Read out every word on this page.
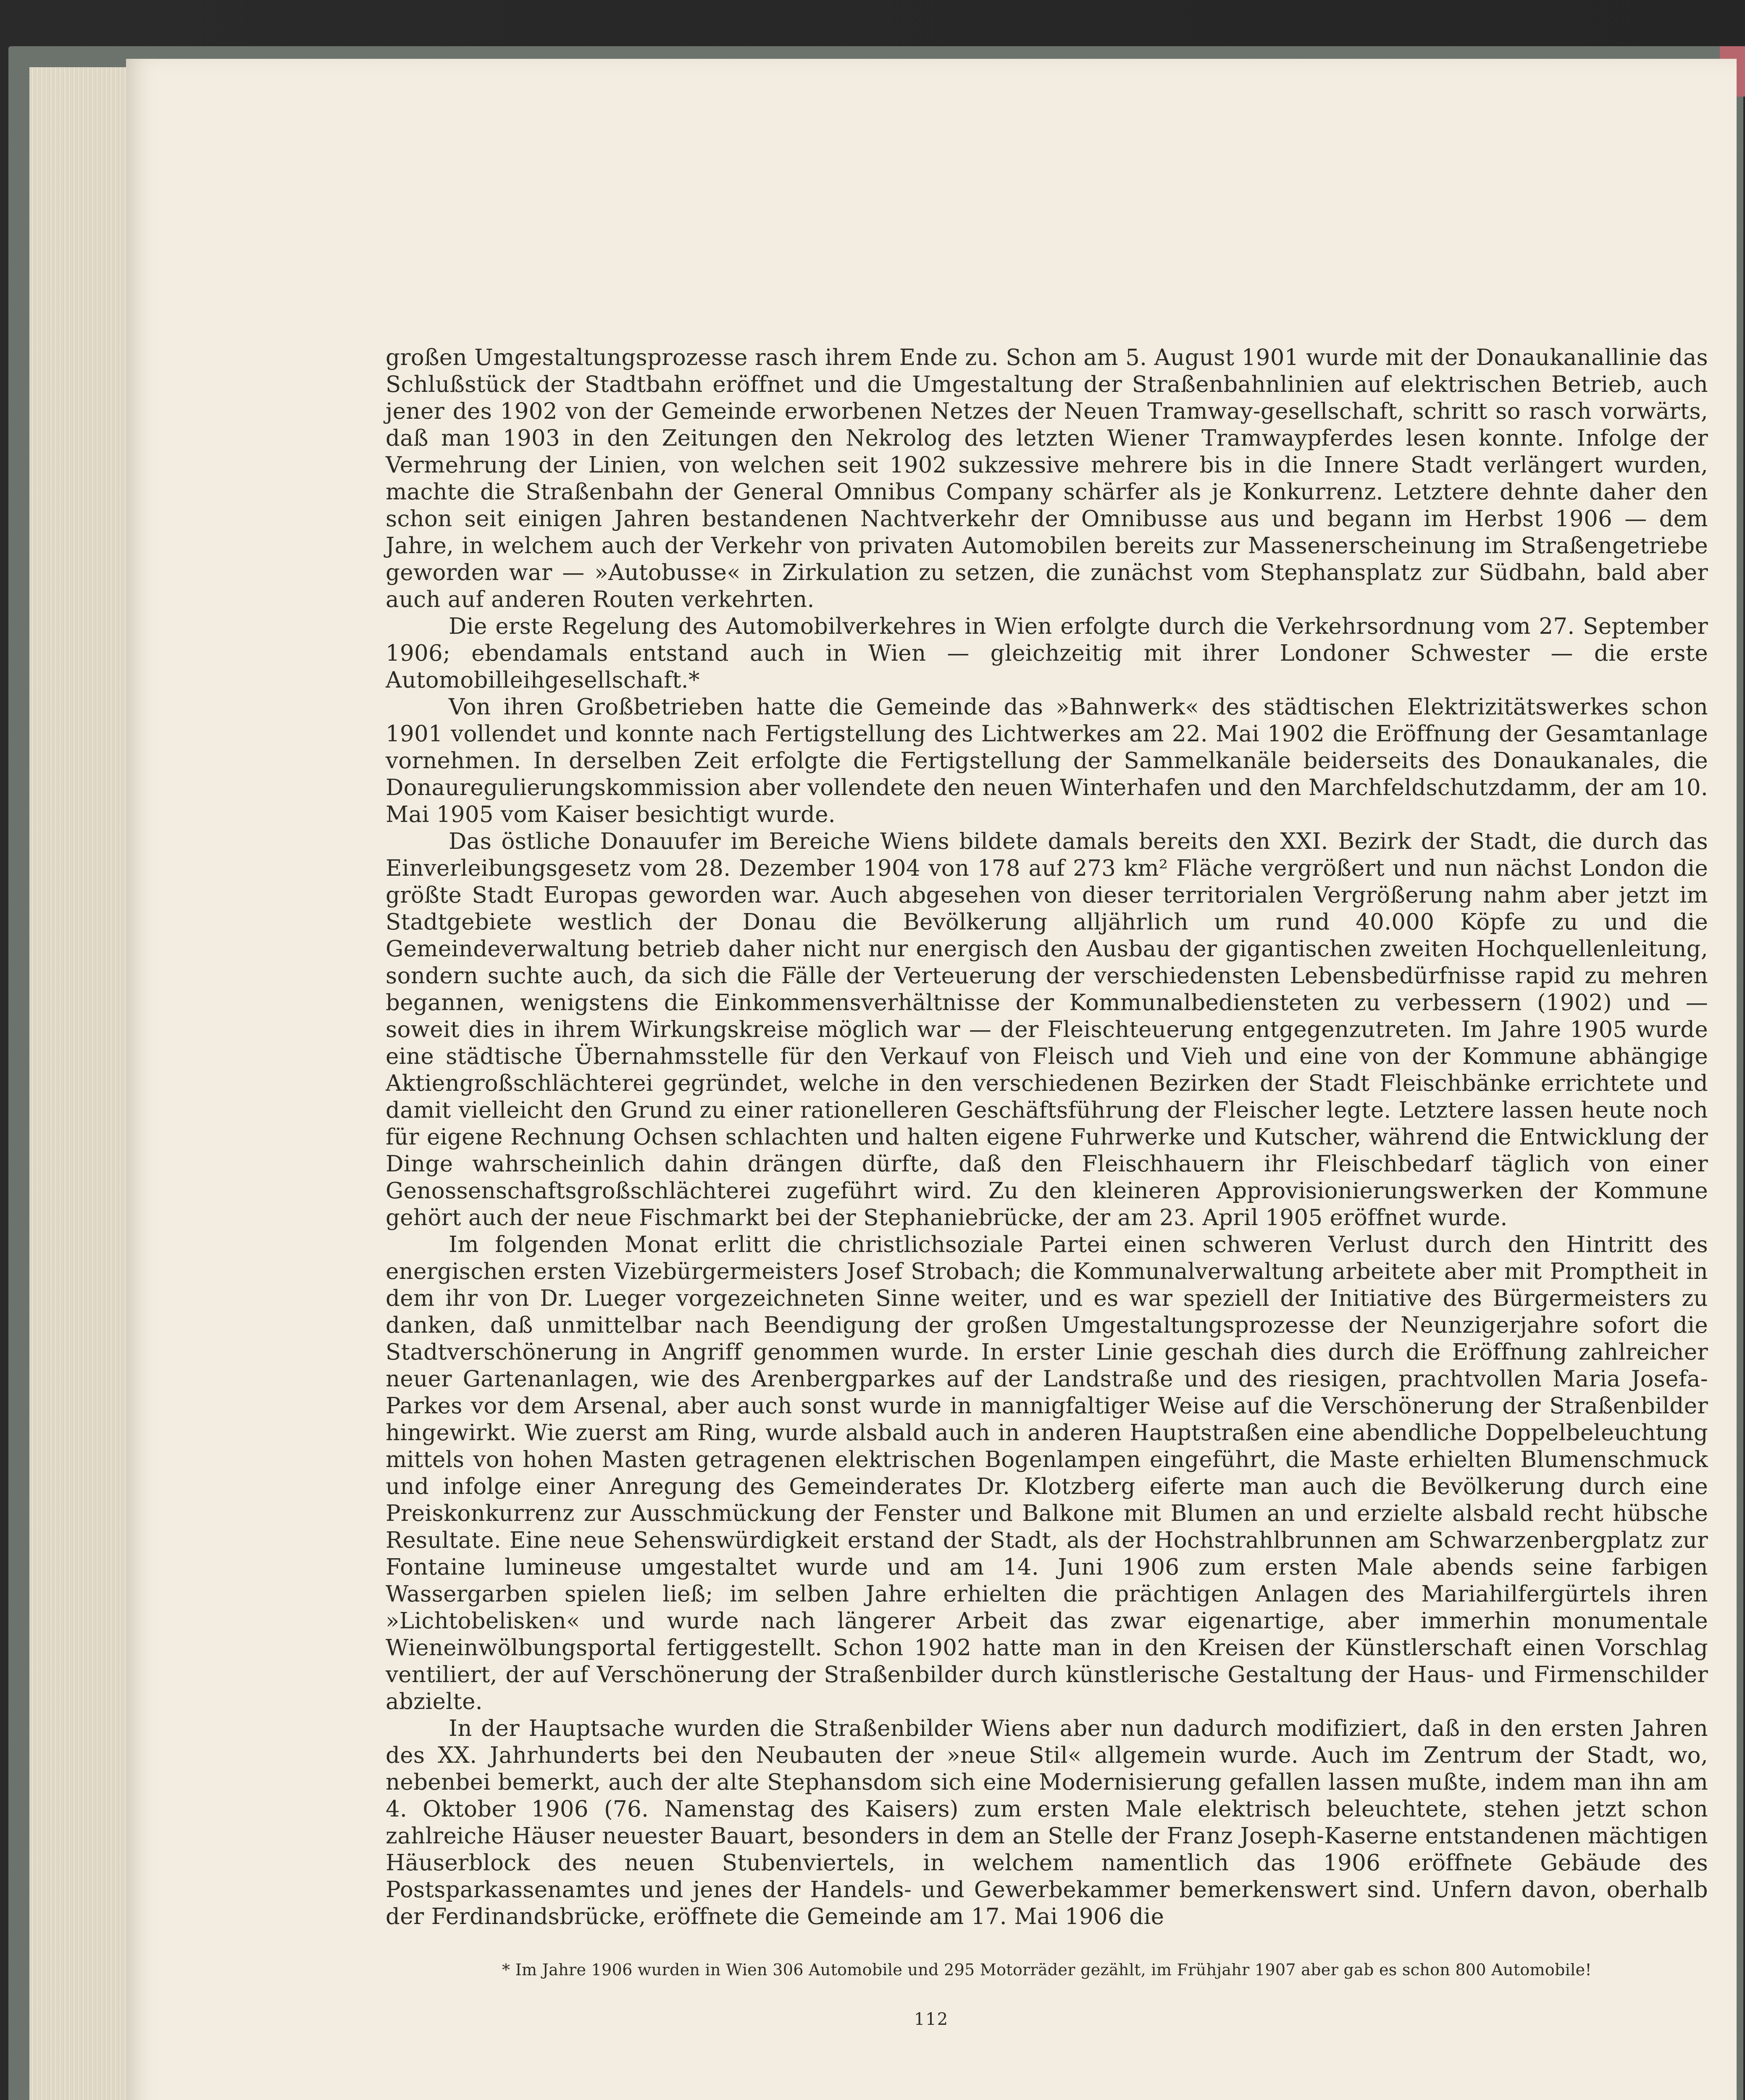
großen Umgestaltungsprozesse rasch ihrem Ende zu. Schon am 5. August 1901 wurde mit der Donaukanallinie das Schlußstück der Stadtbahn eröffnet und die Umgestaltung der Straßenbahnlinien auf elektrischen Betrieb, auch jener des 1902 von der Gemeinde erworbenen Netzes der Neuen Tramway-gesellschaft, schritt so rasch vorwärts, daß man 1903 in den Zeitungen den Nekrolog des letzten Wiener Tramwaypferdes lesen konnte. Infolge der Vermehrung der Linien, von welchen seit 1902 sukzessive mehrere bis in die Innere Stadt verlängert wurden, machte die Straßenbahn der General Omnibus Company schärfer als je Konkurrenz. Letztere dehnte daher den schon seit einigen Jahren bestandenen Nachtverkehr der Omnibusse aus und begann im Herbst 1906 — dem Jahre, in welchem auch der Verkehr von privaten Automobilen bereits zur Massenerscheinung im Straßengetriebe geworden war — »Autobusse« in Zirkulation zu setzen, die zunächst vom Stephansplatz zur Südbahn, bald aber auch auf anderen Routen verkehrten.

Die erste Regelung des Automobilverkehres in Wien erfolgte durch die Verkehrsordnung vom 27. September 1906; ebendamals entstand auch in Wien — gleichzeitig mit ihrer Londoner Schwester — die erste Automobilleihgesellschaft.*

Von ihren Großbetrieben hatte die Gemeinde das »Bahnwerk« des städtischen Elektrizitätswerkes schon 1901 vollendet und konnte nach Fertigstellung des Lichtwerkes am 22. Mai 1902 die Eröffnung der Gesamtanlage vornehmen. In derselben Zeit erfolgte die Fertigstellung der Sammelkanäle beiderseits des Donaukanales, die Donauregulierungskommission aber vollendete den neuen Winterhafen und den Marchfeldschutzdamm, der am 10. Mai 1905 vom Kaiser besichtigt wurde.

Das östliche Donauufer im Bereiche Wiens bildete damals bereits den XXI. Bezirk der Stadt, die durch das Einverleibungsgesetz vom 28. Dezember 1904 von 178 auf 273 km² Fläche vergrößert und nun nächst London die größte Stadt Europas geworden war. Auch abgesehen von dieser territorialen Vergrößerung nahm aber jetzt im Stadtgebiete westlich der Donau die Bevölkerung alljährlich um rund 40.000 Köpfe zu und die Gemeindeverwaltung betrieb daher nicht nur energisch den Ausbau der gigantischen zweiten Hochquellenleitung, sondern suchte auch, da sich die Fälle der Verteuerung der verschiedensten Lebensbedürfnisse rapid zu mehren begannen, wenigstens die Einkommensverhältnisse der Kommunalbediensteten zu verbessern (1902) und — soweit dies in ihrem Wirkungskreise möglich war — der Fleischteuerung entgegenzutreten. Im Jahre 1905 wurde eine städtische Übernahmsstelle für den Verkauf von Fleisch und Vieh und eine von der Kommune abhängige Aktiengroßschlächterei gegründet, welche in den verschiedenen Bezirken der Stadt Fleischbänke errichtete und damit vielleicht den Grund zu einer rationelleren Geschäftsführung der Fleischer legte. Letztere lassen heute noch für eigene Rechnung Ochsen schlachten und halten eigene Fuhrwerke und Kutscher, während die Entwicklung der Dinge wahrscheinlich dahin drängen dürfte, daß den Fleischhauern ihr Fleischbedarf täglich von einer Genossenschaftsgroßschlächterei zugeführt wird. Zu den kleineren Approvisionierungswerken der Kommune gehört auch der neue Fischmarkt bei der Stephaniebrücke, der am 23. April 1905 eröffnet wurde.

Im folgenden Monat erlitt die christlichsoziale Partei einen schweren Verlust durch den Hintritt des energischen ersten Vizebürgermeisters Josef Strobach; die Kommunalverwaltung arbeitete aber mit Promptheit in dem ihr von Dr. Lueger vorgezeichneten Sinne weiter, und es war speziell der Initiative des Bürgermeisters zu danken, daß unmittelbar nach Beendigung der großen Umgestaltungsprozesse der Neunzigerjahre sofort die Stadtverschönerung in Angriff genommen wurde. In erster Linie geschah dies durch die Eröffnung zahlreicher neuer Gartenanlagen, wie des Arenbergparkes auf der Landstraße und des riesigen, prachtvollen Maria Josefa-Parkes vor dem Arsenal, aber auch sonst wurde in mannigfaltiger Weise auf die Verschönerung der Straßenbilder hingewirkt. Wie zuerst am Ring, wurde alsbald auch in anderen Hauptstraßen eine abendliche Doppelbeleuchtung mittels von hohen Masten getragenen elektrischen Bogenlampen eingeführt, die Maste erhielten Blumenschmuck und infolge einer Anregung des Gemeinderates Dr. Klotzberg eiferte man auch die Bevölkerung durch eine Preiskonkurrenz zur Ausschmückung der Fenster und Balkone mit Blumen an und erzielte alsbald recht hübsche Resultate. Eine neue Sehenswürdigkeit erstand der Stadt, als der Hochstrahlbrunnen am Schwarzenbergplatz zur Fontaine lumineuse umgestaltet wurde und am 14. Juni 1906 zum ersten Male abends seine farbigen Wassergarben spielen ließ; im selben Jahre erhielten die prächtigen Anlagen des Mariahilfergürtels ihren »Lichtobelisken« und wurde nach längerer Arbeit das zwar eigenartige, aber immerhin monumentale Wieneinwölbungsportal fertiggestellt. Schon 1902 hatte man in den Kreisen der Künstlerschaft einen Vorschlag ventiliert, der auf Verschönerung der Straßenbilder durch künstlerische Gestaltung der Haus- und Firmenschilder abzielte.

In der Hauptsache wurden die Straßenbilder Wiens aber nun dadurch modifiziert, daß in den ersten Jahren des XX. Jahrhunderts bei den Neubauten der »neue Stil« allgemein wurde. Auch im Zentrum der Stadt, wo, nebenbei bemerkt, auch der alte Stephansdom sich eine Modernisierung gefallen lassen mußte, indem man ihn am 4. Oktober 1906 (76. Namenstag des Kaisers) zum ersten Male elektrisch beleuchtete, stehen jetzt schon zahlreiche Häuser neuester Bauart, besonders in dem an Stelle der Franz Joseph-Kaserne entstandenen mächtigen Häuserblock des neuen Stubenviertels, in welchem namentlich das 1906 eröffnete Gebäude des Postsparkassenamtes und jenes der Handels- und Gewerbekammer bemerkenswert sind. Unfern davon, oberhalb der Ferdinandsbrücke, eröffnete die Gemeinde am 17. Mai 1906 die

* Im Jahre 1906 wurden in Wien 306 Automobile und 295 Motorräder gezählt, im Frühjahr 1907 aber gab es schon 800 Automobile!
112
